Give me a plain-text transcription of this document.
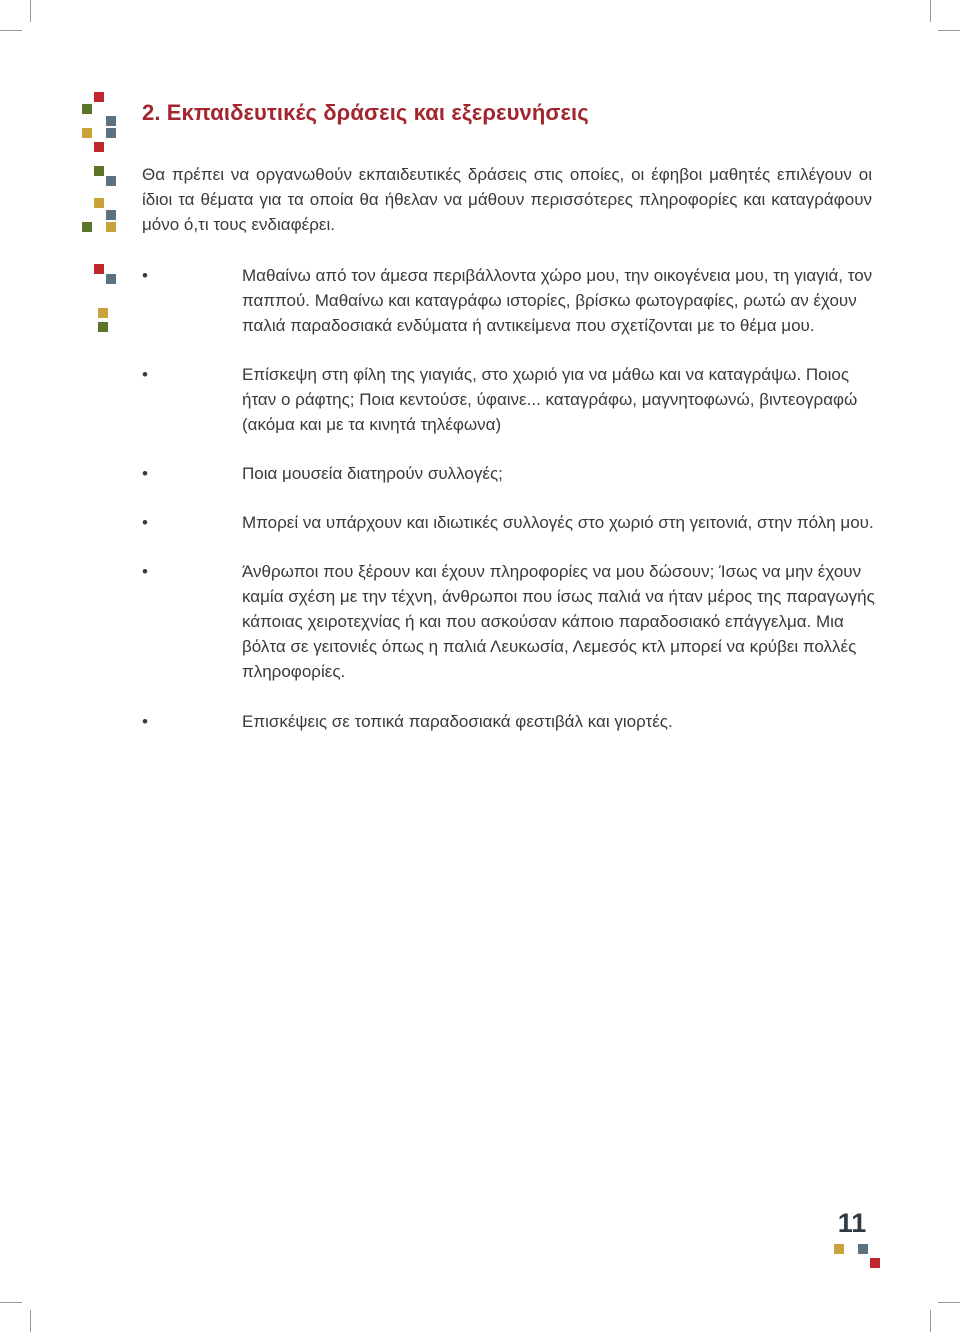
2. Εκπαιδευτικές δράσεις και εξερευνήσεις

Θα πρέπει να οργανωθούν εκπαιδευτικές δράσεις στις οποίες, οι έφηβοι μαθητές επιλέγουν οι ίδιοι τα θέματα για τα οποία θα ήθελαν να μάθουν περισσότερες πληροφορίες και καταγράφουν μόνο ό,τι τους ενδιαφέρει.

•	Μαθαίνω από τον άμεσα περιβάλλοντα χώρο μου, την οικογένεια μου, τη γιαγιά, τον παππού. Μαθαίνω και καταγράφω ιστορίες, βρίσκω φωτογραφίες, ρωτώ αν έχουν παλιά παραδοσιακά ενδύματα ή αντικείμενα που σχετίζονται με το θέμα μου.
•	Επίσκεψη στη φίλη της γιαγιάς, στο χωριό για να μάθω και να καταγράψω. Ποιος ήταν ο ράφτης; Ποια κεντούσε, ύφαινε... καταγράφω, μαγνητοφωνώ, βιντεογραφώ (ακόμα και με τα κινητά τηλέφωνα)
•	Ποια μουσεία διατηρούν συλλογές;
•	Μπορεί να υπάρχουν και ιδιωτικές συλλογές στο χωριό στη γειτονιά, στην πόλη μου.
•	Άνθρωποι που ξέρουν και έχουν πληροφορίες να μου δώσουν; Ίσως να μην έχουν καμία σχέση με την τέχνη, άνθρωποι που ίσως παλιά να ήταν μέρος της παραγωγής κάποιας χειροτεχνίας ή και που ασκούσαν κάποιο παραδοσιακό επάγγελμα. Μια βόλτα σε γειτονιές όπως η παλιά Λευκωσία, Λεμεσός κτλ μπορεί να κρύβει πολλές πληροφορίες.
•	Επισκέψεις σε τοπικά παραδοσιακά φεστιβάλ και γιορτές.
11
